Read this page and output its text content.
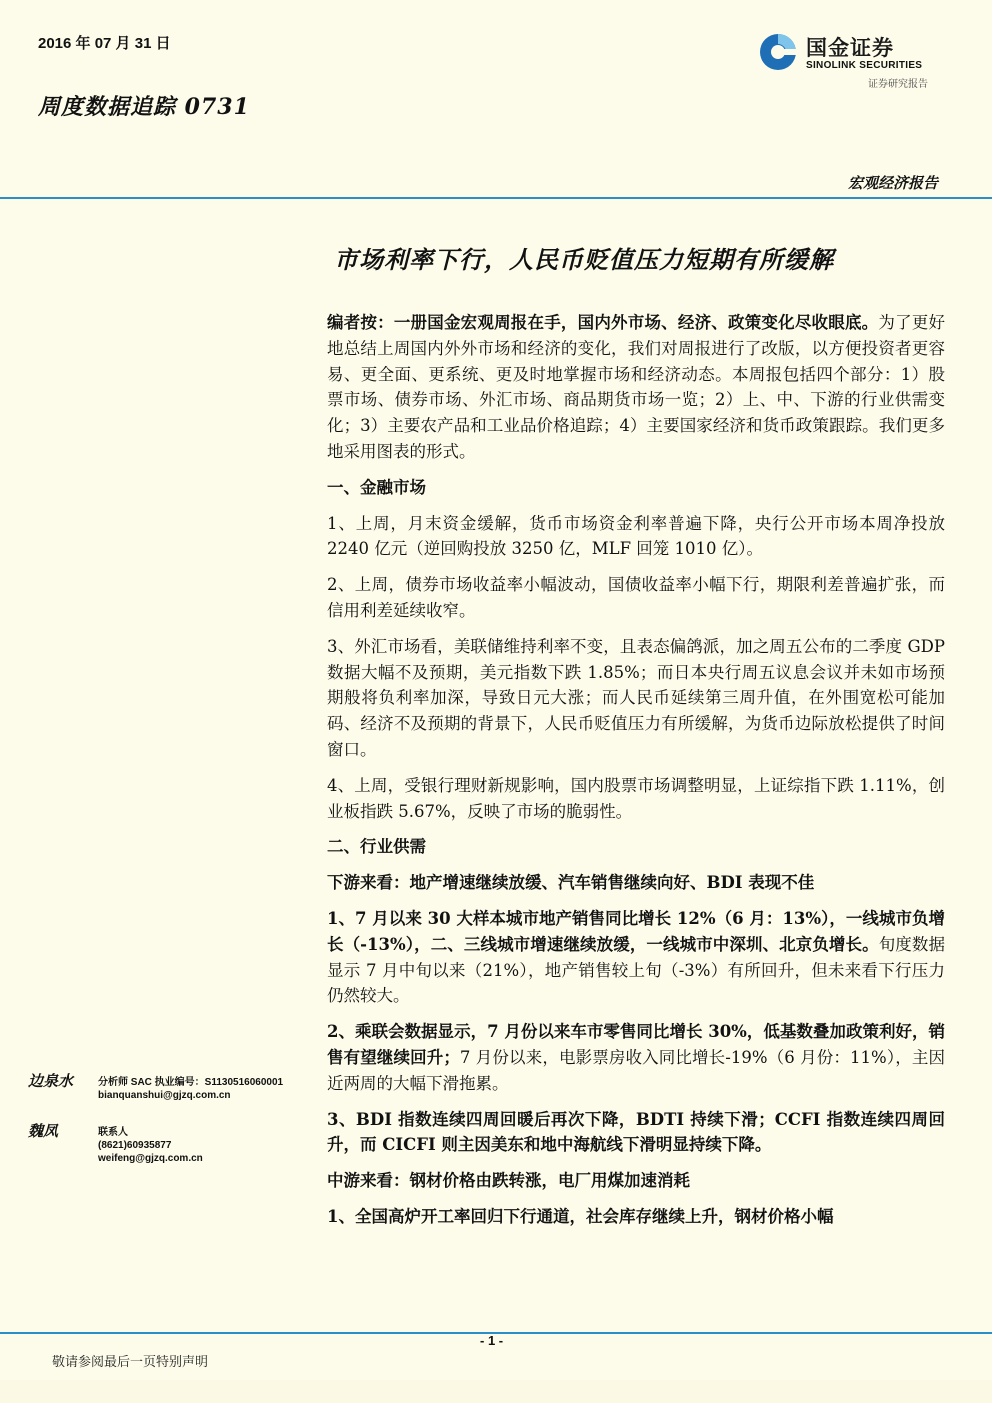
2016 年 07 月 31 日
周度数据追踪 0731
国金证券
SINOLINK SECURITIES
证券研究报告
宏观经济报告
市场利率下行，人民币贬值压力短期有所缓解

编者按：一册国金宏观周报在手，国内外市场、经济、政策变化尽收眼底。为了更好地总结上周国内外外市场和经济的变化，我们对周报进行了改版，以方便投资者更容易、更全面、更系统、更及时地掌握市场和经济动态。本周报包括四个部分：1）股票市场、债券市场、外汇市场、商品期货市场一览；2）上、中、下游的行业供需变化；3）主要农产品和工业品价格追踪；4）主要国家经济和货币政策跟踪。我们更多地采用图表的形式。

一、金融市场

1、上周，月末资金缓解，货币市场资金利率普遍下降，央行公开市场本周净投放 2240 亿元（逆回购投放 3250 亿，MLF 回笼 1010 亿）。

2、上周，债券市场收益率小幅波动，国债收益率小幅下行，期限利差普遍扩张，而信用利差延续收窄。

3、外汇市场看，美联储维持利率不变，且表态偏鸽派，加之周五公布的二季度 GDP 数据大幅不及预期，美元指数下跌 1.85%；而日本央行周五议息会议并未如市场预期般将负利率加深，导致日元大涨；而人民币延续第三周升值，在外围宽松可能加码、经济不及预期的背景下，人民币贬值压力有所缓解，为货币边际放松提供了时间窗口。

4、上周，受银行理财新规影响，国内股票市场调整明显，上证综指下跌 1.11%，创业板指跌 5.67%，反映了市场的脆弱性。

二、行业供需

下游来看：地产增速继续放缓、汽车销售继续向好、BDI 表现不佳

1、7 月以来 30 大样本城市地产销售同比增长 12%（6 月：13%），一线城市负增长（-13%），二、三线城市增速继续放缓，一线城市中深圳、北京负增长。旬度数据显示 7 月中旬以来（21%），地产销售较上旬（-3%）有所回升，但未来看下行压力仍然较大。

2、乘联会数据显示，7 月份以来车市零售同比增长 30%，低基数叠加政策利好，销售有望继续回升；7 月份以来，电影票房收入同比增长-19%（6 月份：11%），主因近两周的大幅下滑拖累。

3、BDI 指数连续四周回暖后再次下降，BDTI 持续下滑；CCFI 指数连续四周回升，而 CICFI 则主因美东和地中海航线下滑明显持续下降。

中游来看：钢材价格由跌转涨，电厂用煤加速消耗

1、全国高炉开工率回归下行通道，社会库存继续上升，钢材价格小幅

边泉水 分析师 SAC 执业编号：S1130516060001
bianquanshui@gjzq.com.cn
魏凤	联系人
(8621)60935877
weifeng@gjzq.com.cn
- 1 -
敬请参阅最后一页特别声明
